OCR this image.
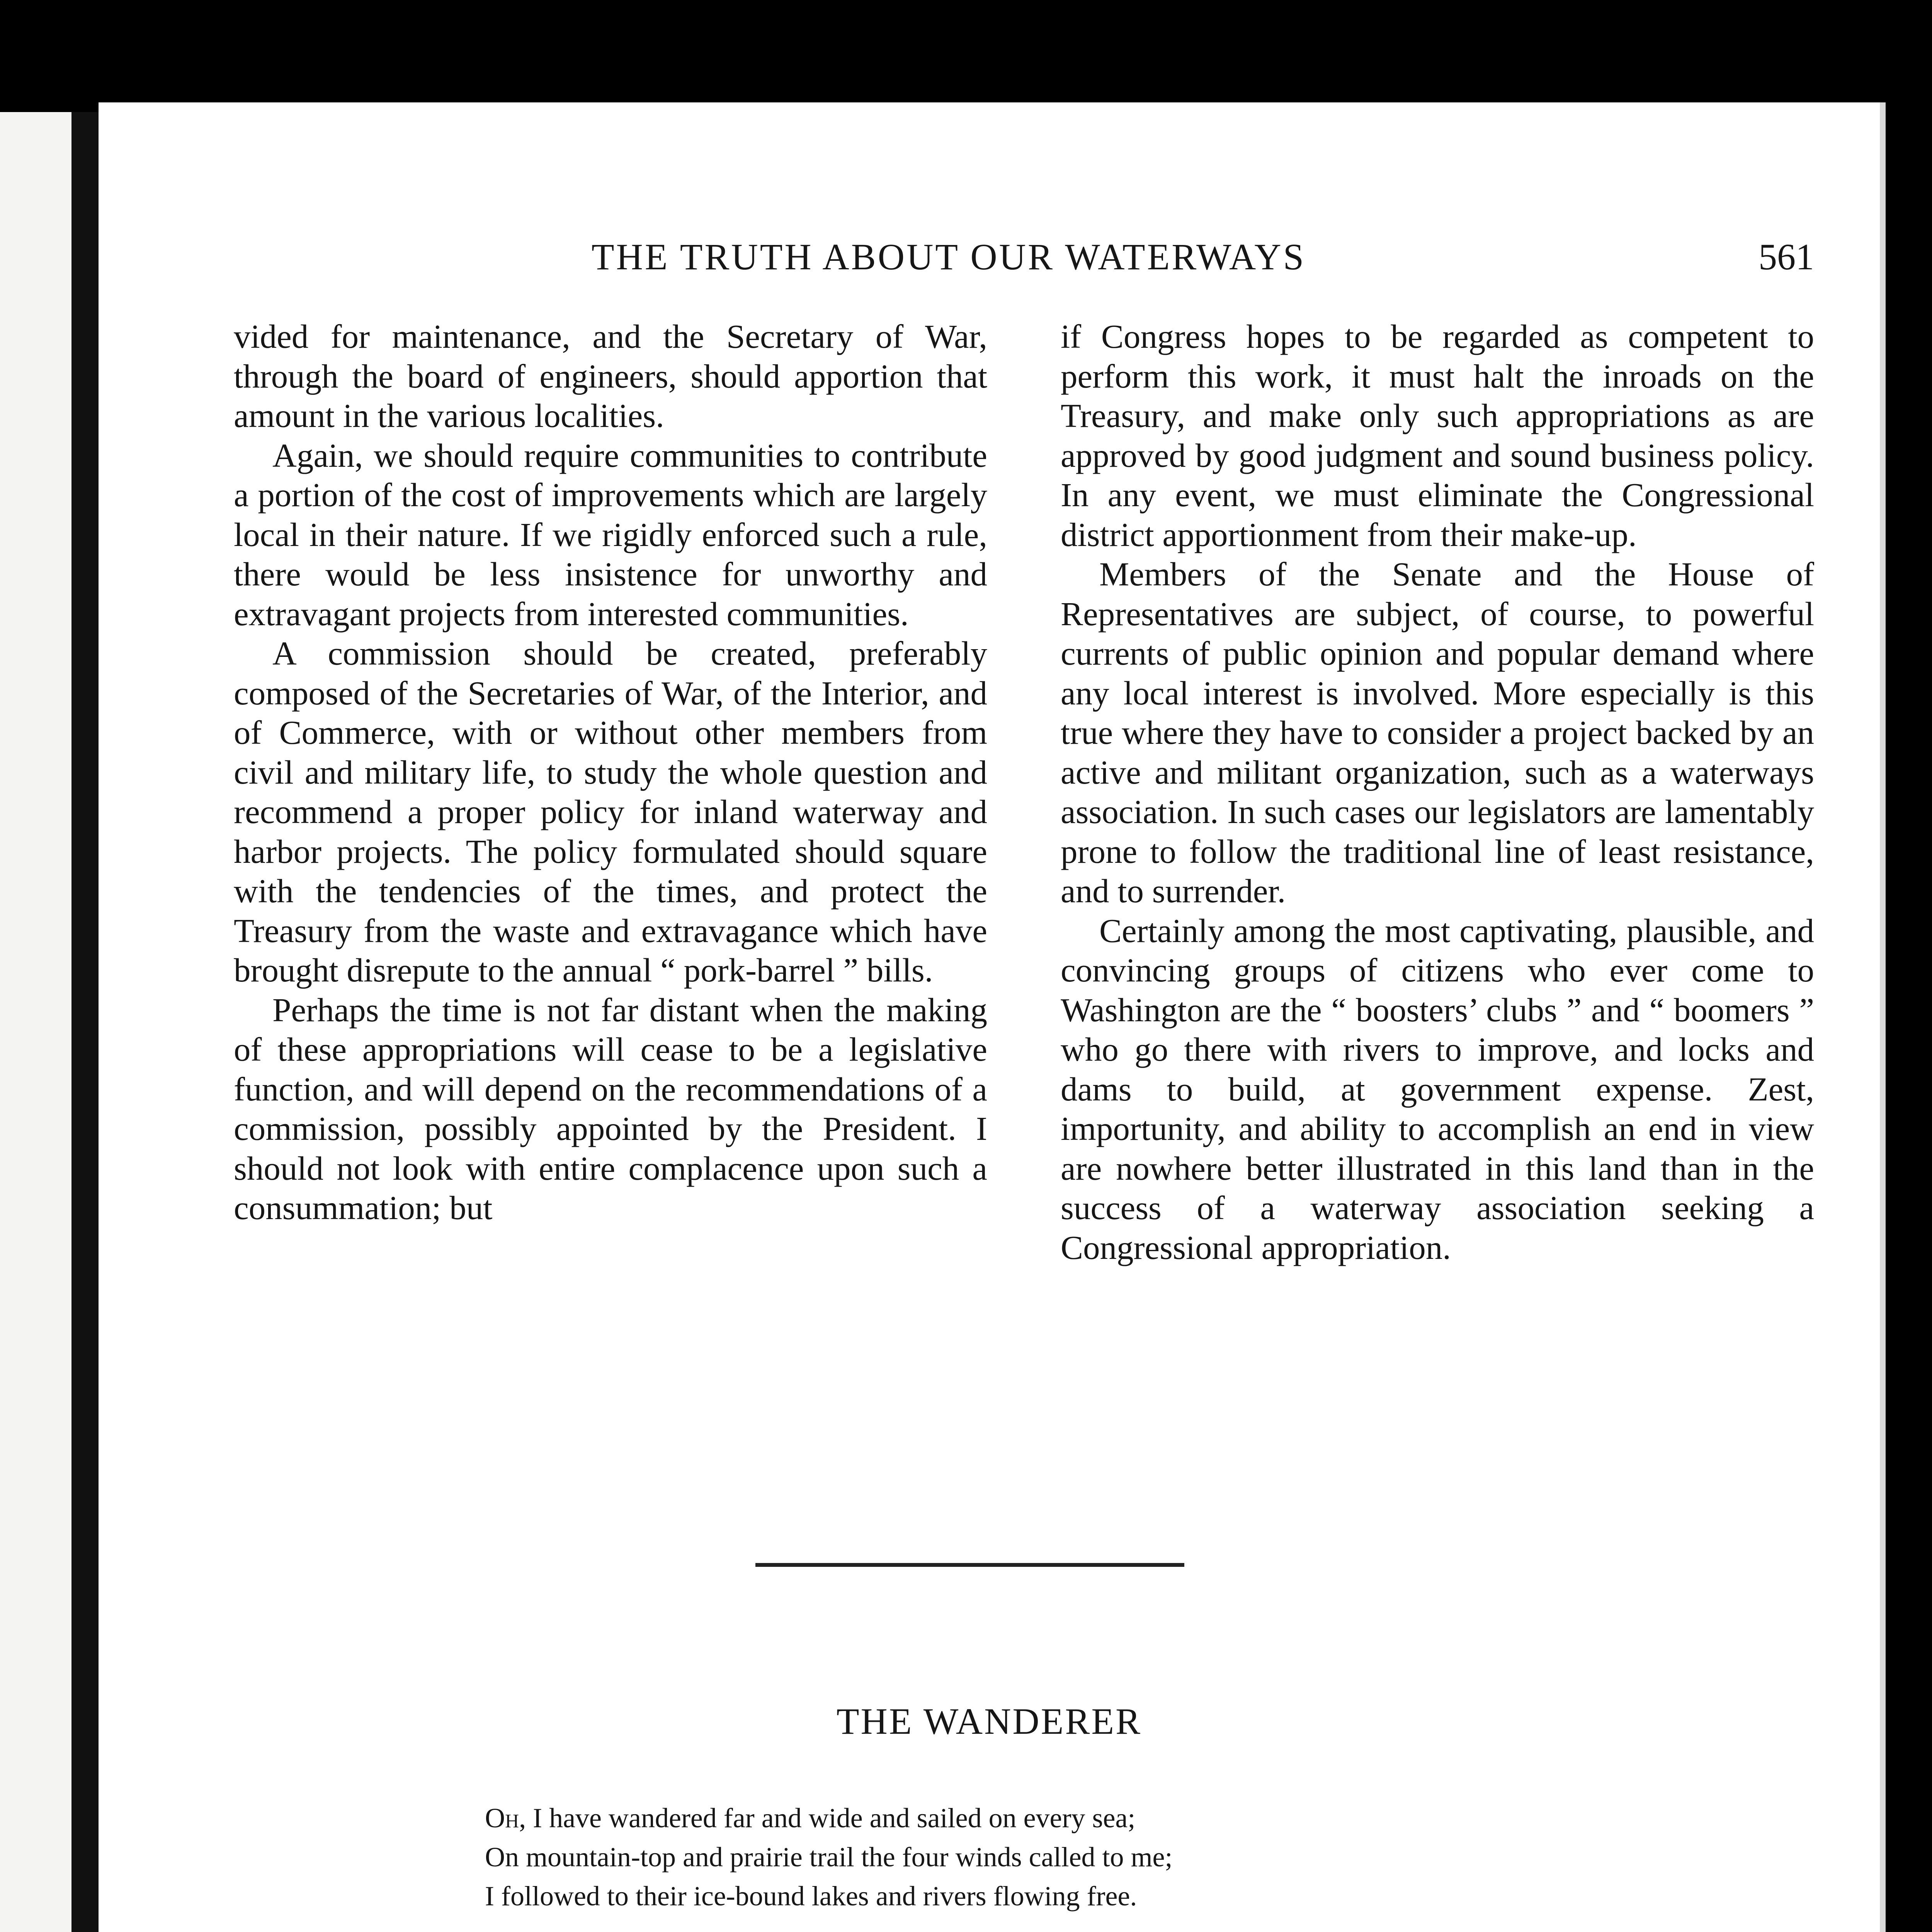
THE TRUTH ABOUT OUR WATERWAYS	561

vided for maintenance, and the Secretary of War, through the board of engineers, should apportion that amount in the various localities.

Again, we should require communities to contribute a portion of the cost of improvements which are largely local in their nature. If we rigidly enforced such a rule, there would be less insistence for unworthy and extravagant projects from interested communities.

A commission should be created, preferably composed of the Secretaries of War, of the Interior, and of Commerce, with or without other members from civil and military life, to study the whole question and recommend a proper policy for inland waterway and harbor projects. The policy formulated should square with the tendencies of the times, and protect the Treasury from the waste and extravagance which have brought disrepute to the annual “ pork-barrel ” bills.

Perhaps the time is not far distant when the making of these appropriations will cease to be a legislative function, and will depend on the recommendations of a commission, possibly appointed by the President. I should not look with entire complacence upon such a consummation; but

if Congress hopes to be regarded as competent to perform this work, it must halt the inroads on the Treasury, and make only such appropriations as are approved by good judgment and sound business policy. In any event, we must eliminate the Congressional district apportionment from their make-up.

Members of the Senate and the House of Representatives are subject, of course, to powerful currents of public opinion and popular demand where any local interest is involved. More especially is this true where they have to consider a project backed by an active and militant organization, such as a waterways association. In such cases our legislators are lamentably prone to follow the traditional line of least resistance, and to surrender.

Certainly among the most captivating, plausible, and convincing groups of citizens who ever come to Washington are the “ boosters’ clubs ” and “ boomers ” who go there with rivers to improve, and locks and dams to build, at government expense. Zest, importunity, and ability to accomplish an end in view are nowhere better illustrated in this land than in the success of a waterway association seeking a Congressional appropriation.

THE WANDERER
Oh, I have wandered far and wide and sailed on every sea;
On mountain-top and prairie trail the four winds called to me;
I followed to their ice-bound lakes and rivers flowing free.
